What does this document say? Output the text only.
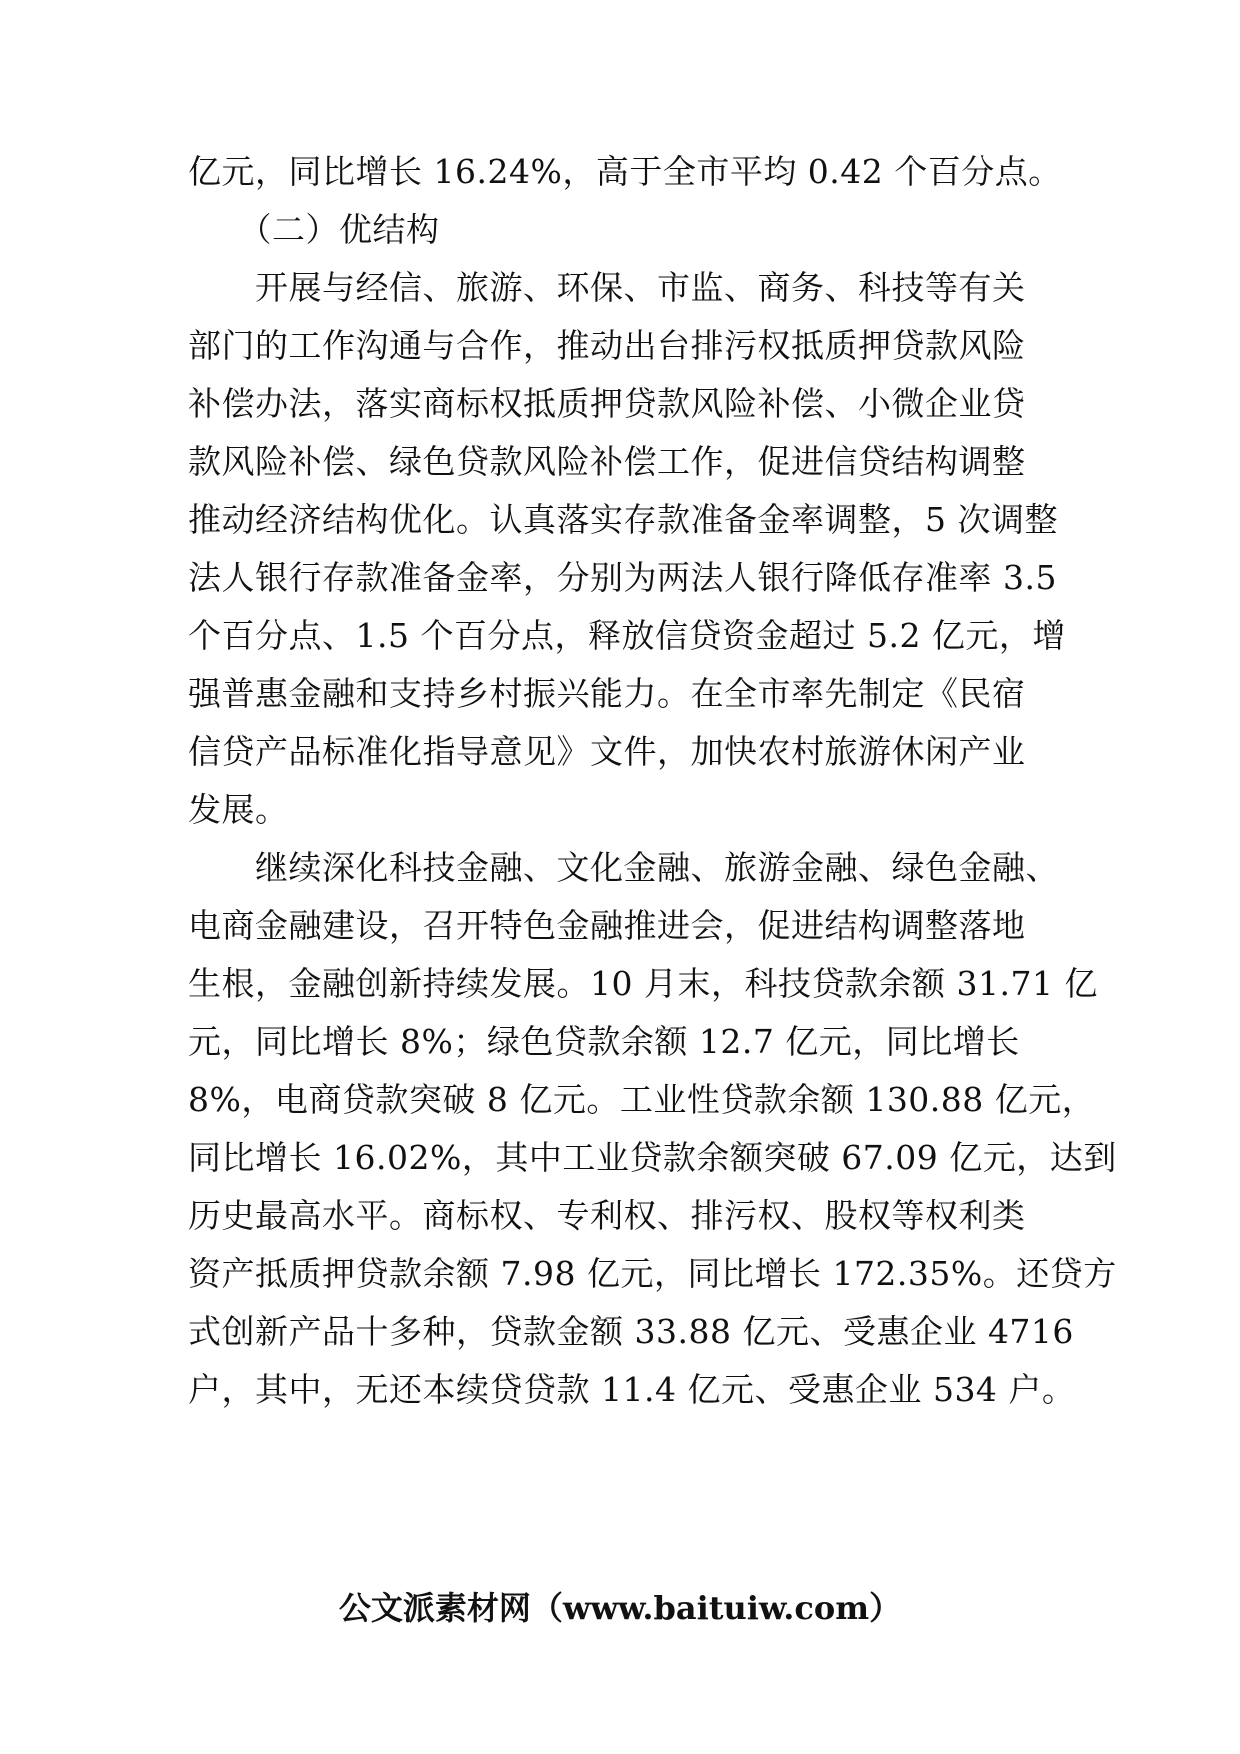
亿元，同比增长 16.24%，高于全市平均 0.42 个百分点。
　　（二）优结构
　　开展与经信、旅游、环保、市监、商务、科技等有关
部门的工作沟通与合作，推动出台排污权抵质押贷款风险
补偿办法，落实商标权抵质押贷款风险补偿、小微企业贷
款风险补偿、绿色贷款风险补偿工作，促进信贷结构调整
推动经济结构优化。认真落实存款准备金率调整，5 次调整
法人银行存款准备金率，分别为两法人银行降低存准率 3.5
个百分点、1.5 个百分点，释放信贷资金超过 5.2 亿元，增
强普惠金融和支持乡村振兴能力。在全市率先制定《民宿
信贷产品标准化指导意见》文件，加快农村旅游休闲产业
发展。
　　继续深化科技金融、文化金融、旅游金融、绿色金融、
电商金融建设，召开特色金融推进会，促进结构调整落地
生根，金融创新持续发展。10 月末，科技贷款余额 31.71 亿
元，同比增长 8%；绿色贷款余额 12.7 亿元，同比增长
8%，电商贷款突破 8 亿元。工业性贷款余额 130.88 亿元，
同比增长 16.02%，其中工业贷款余额突破 67.09 亿元，达到
历史最高水平。商标权、专利权、排污权、股权等权利类
资产抵质押贷款余额 7.98 亿元，同比增长 172.35%。还贷方
式创新产品十多种，贷款金额 33.88 亿元、受惠企业 4716
户，其中，无还本续贷贷款 11.4 亿元、受惠企业 534 户。
公文派素材网（www.baituiw.com）
